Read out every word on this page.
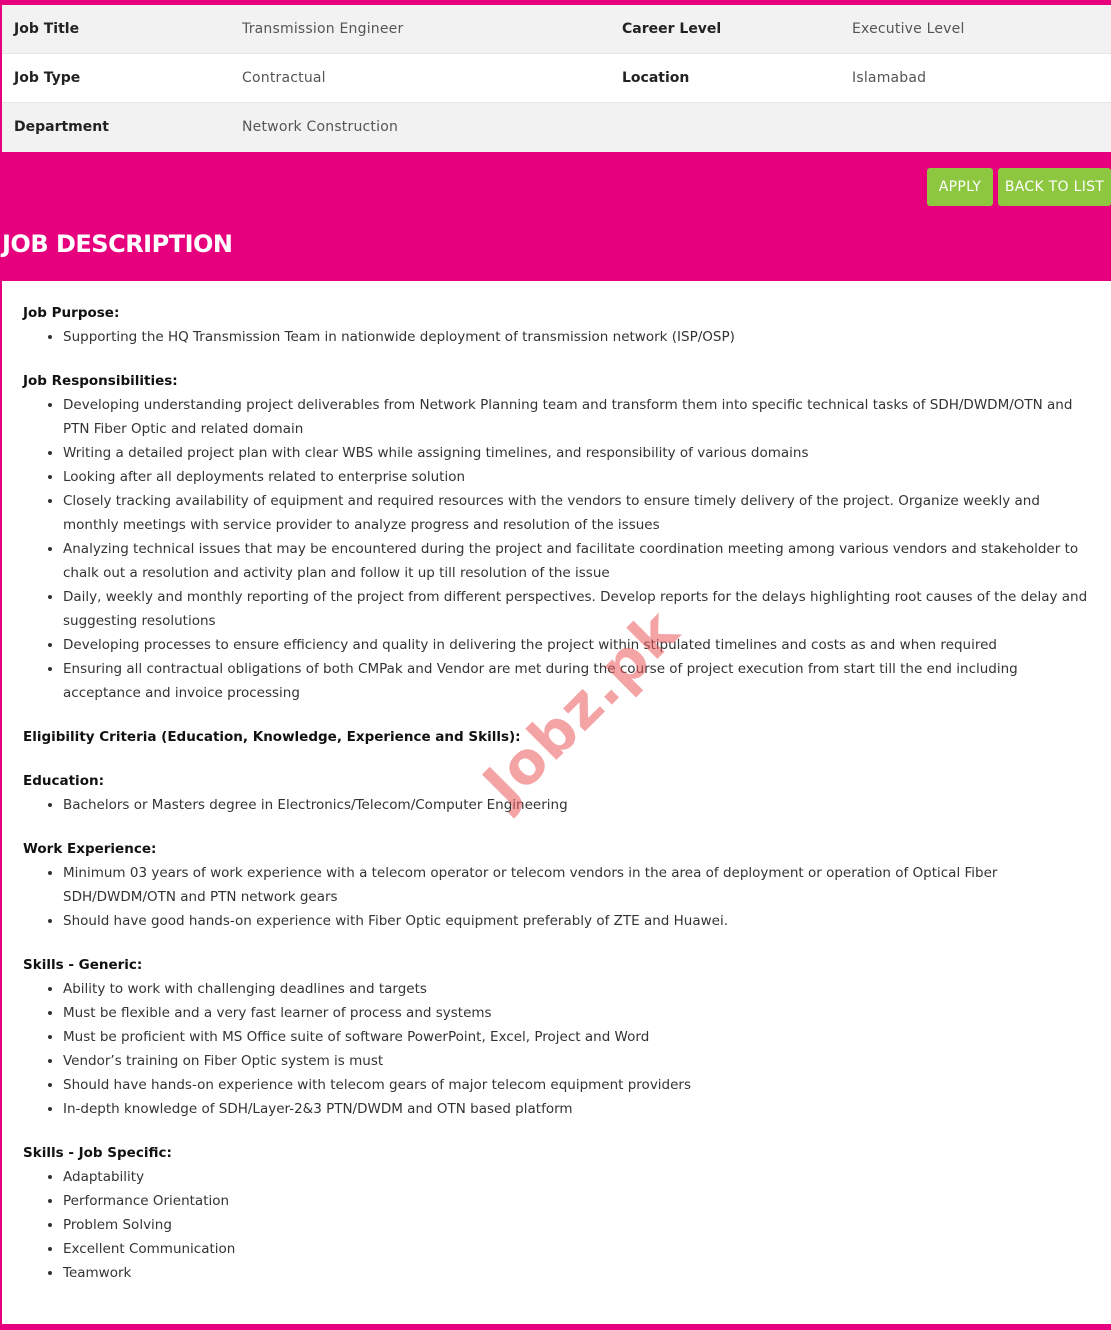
Job Title	Transmission Engineer	Career Level	Executive Level
Job Type	Contractual	Location	Islamabad
Department	Network Construction
APPLY	BACK TO LIST
JOB DESCRIPTION
Job Purpose:
• Supporting the HQ Transmission Team in nationwide deployment of transmission network (ISP/OSP)
Job Responsibilities:
• Developing understanding project deliverables from Network Planning team and transform them into specific technical tasks of SDH/DWDM/OTN and PTN Fiber Optic and related domain
• Writing a detailed project plan with clear WBS while assigning timelines, and responsibility of various domains
• Looking after all deployments related to enterprise solution
• Closely tracking availability of equipment and required resources with the vendors to ensure timely delivery of the project. Organize weekly and monthly meetings with service provider to analyze progress and resolution of the issues
• Analyzing technical issues that may be encountered during the project and facilitate coordination meeting among various vendors and stakeholder to chalk out a resolution and activity plan and follow it up till resolution of the issue
• Daily, weekly and monthly reporting of the project from different perspectives. Develop reports for the delays highlighting root causes of the delay and suggesting resolutions
• Developing processes to ensure efficiency and quality in delivering the project within stipulated timelines and costs as and when required
• Ensuring all contractual obligations of both CMPak and Vendor are met during the course of project execution from start till the end including acceptance and invoice processing
Eligibility Criteria (Education, Knowledge, Experience and Skills):
Education:
• Bachelors or Masters degree in Electronics/Telecom/Computer Engineering
Work Experience:
• Minimum 03 years of work experience with a telecom operator or telecom vendors in the area of deployment or operation of Optical Fiber SDH/DWDM/OTN and PTN network gears
• Should have good hands-on experience with Fiber Optic equipment preferably of ZTE and Huawei.
Skills - Generic:
• Ability to work with challenging deadlines and targets
• Must be flexible and a very fast learner of process and systems
• Must be proficient with MS Office suite of software PowerPoint, Excel, Project and Word
• Vendor’s training on Fiber Optic system is must
• Should have hands-on experience with telecom gears of major telecom equipment providers
• In-depth knowledge of SDH/Layer-2&3 PTN/DWDM and OTN based platform
Skills - Job Specific:
• Adaptability
• Performance Orientation
• Problem Solving
• Excellent Communication
• Teamwork
Jobz.pk
